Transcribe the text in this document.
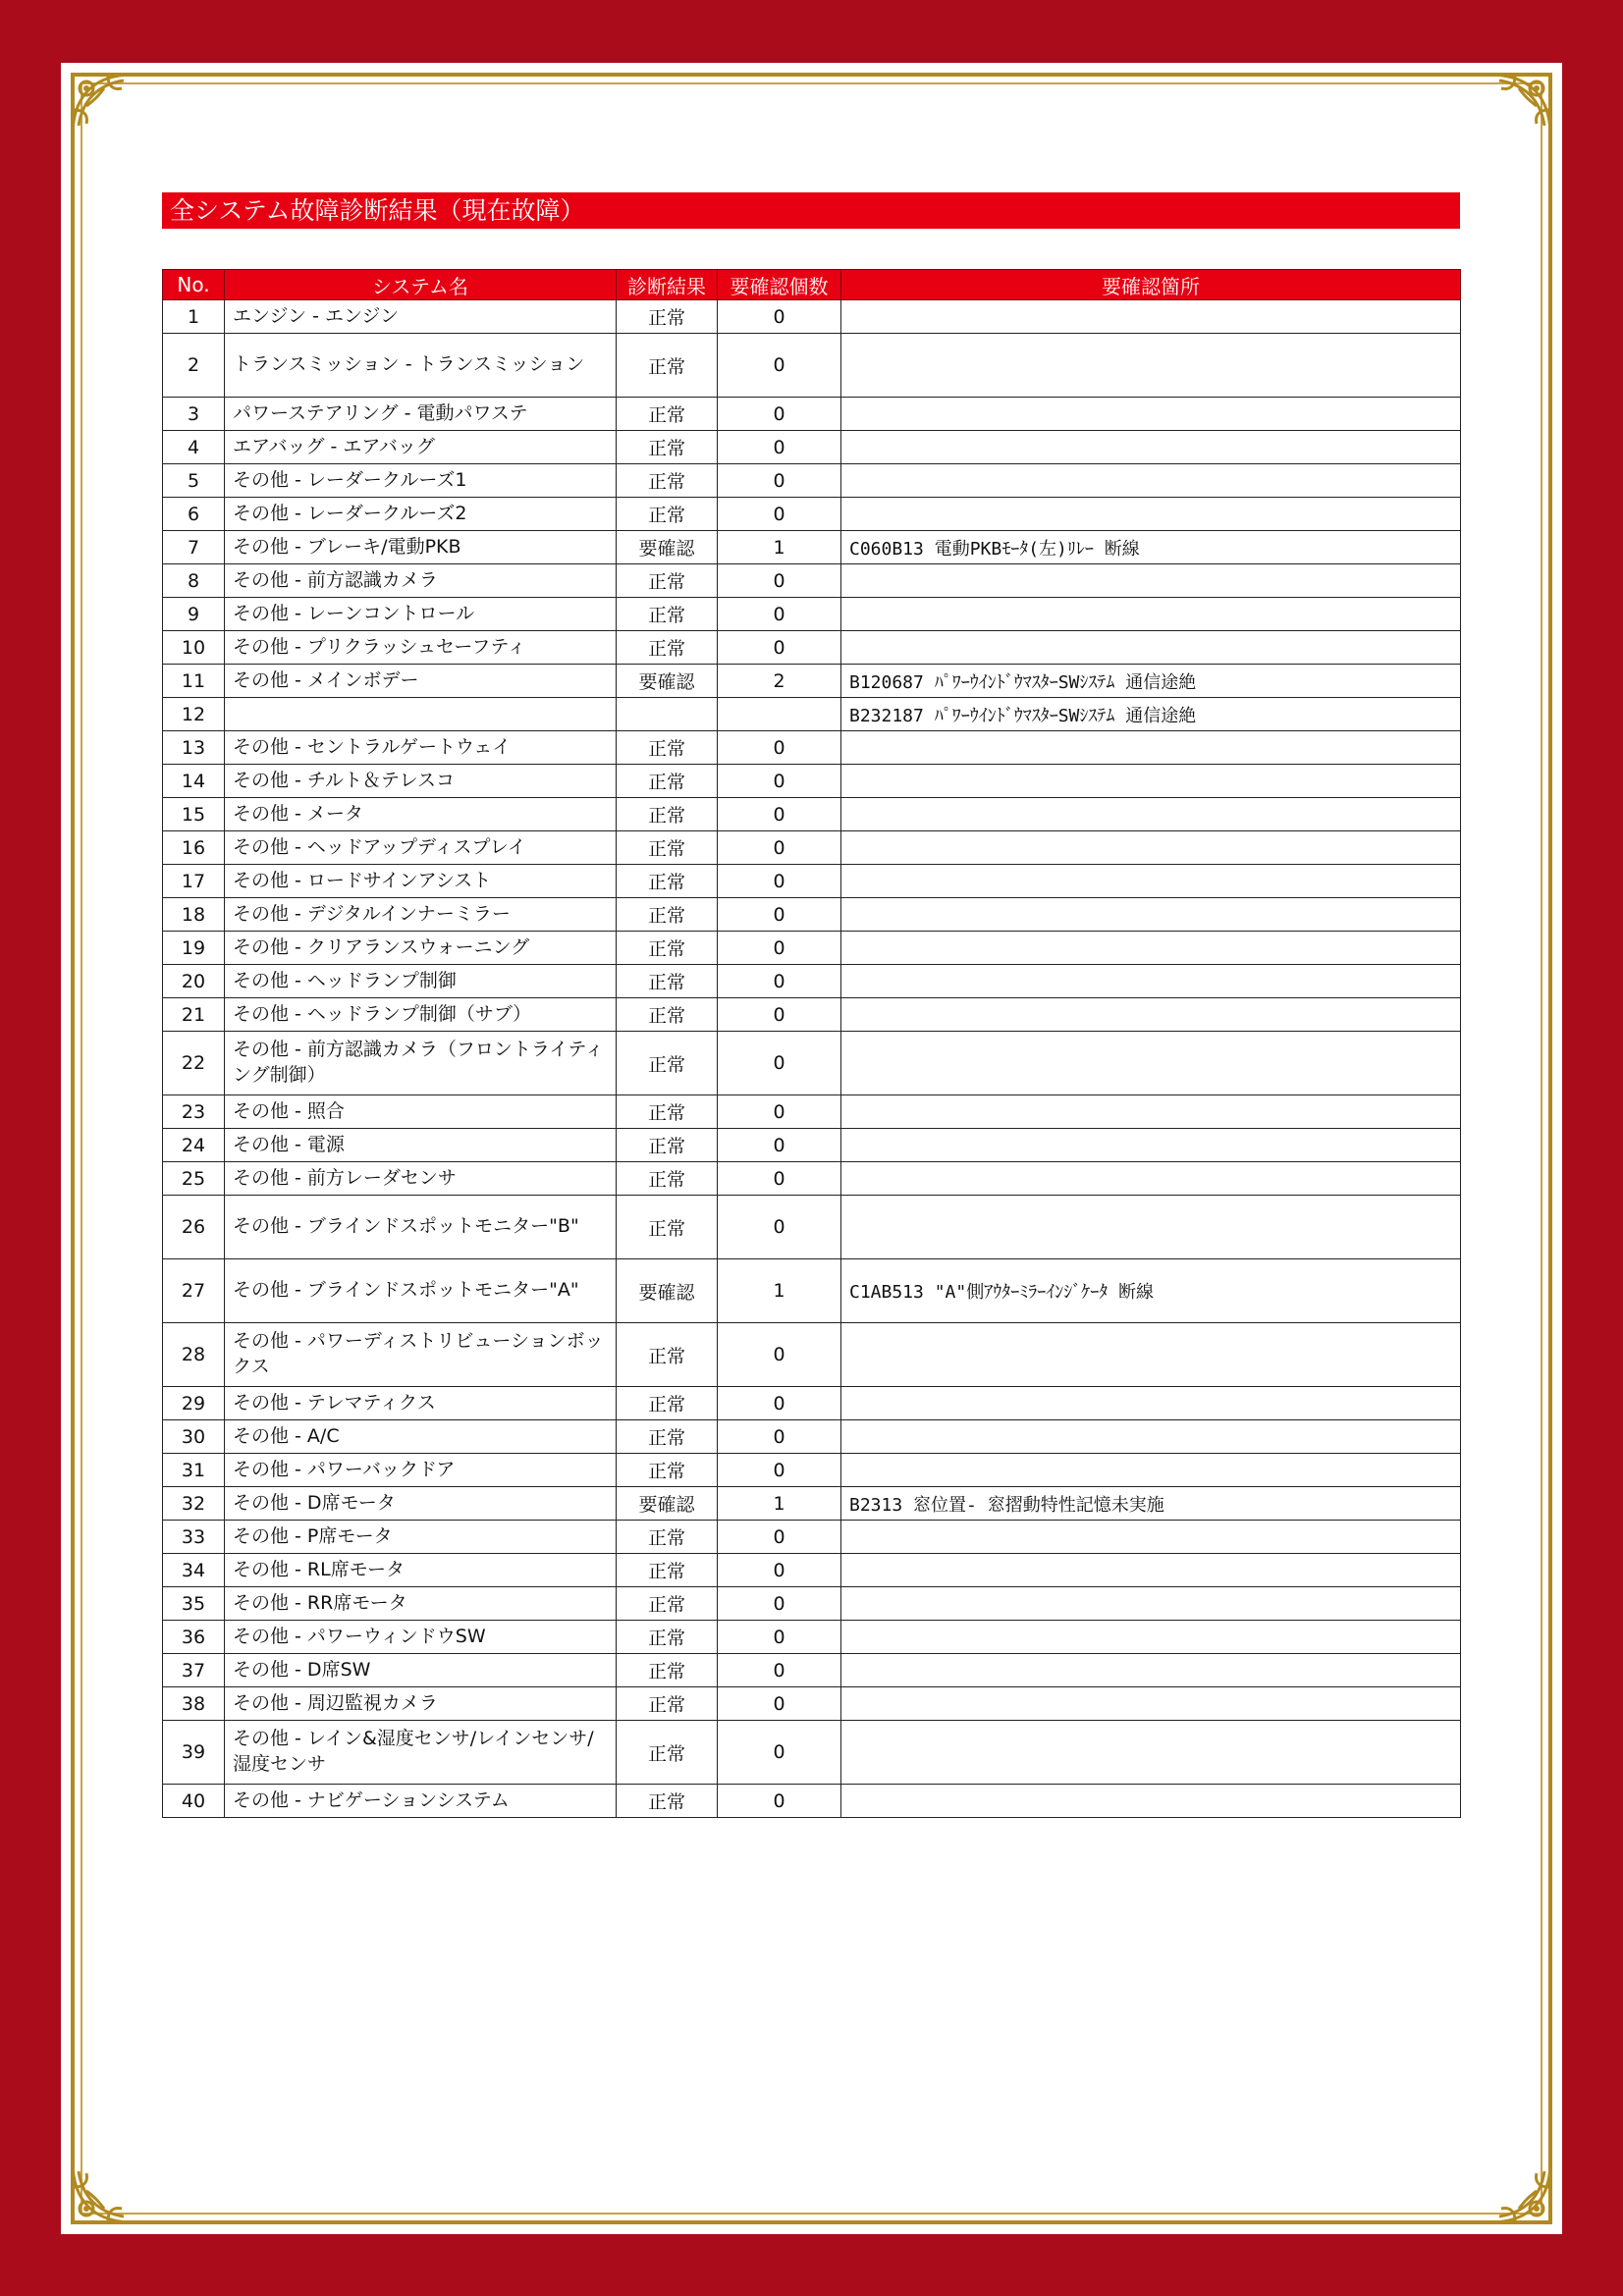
全システム故障診断結果（現在故障）
No.	システム名	診断結果	要確認個数	要確認箇所
1	エンジン - エンジン	正常	0	
2	トランスミッション - トランスミッション	正常	0	
3	パワーステアリング - 電動パワステ	正常	0	
4	エアバッグ - エアバッグ	正常	0	
5	その他 - レーダークルーズ1	正常	0	
6	その他 - レーダークルーズ2	正常	0	
7	その他 - ブレーキ/電動PKB	要確認	1	C060B13 電動PKBﾓｰﾀ(左)ﾘﾚｰ 断線
8	その他 - 前方認識カメラ	正常	0	
9	その他 - レーンコントロール	正常	0	
10	その他 - プリクラッシュセーフティ	正常	0	
11	その他 - メインボデー	要確認	2	B120687 ﾊﾟﾜｰｳｲﾝﾄﾞｳﾏｽﾀｰSWｼｽﾃﾑ 通信途絶
12				B232187 ﾊﾟﾜｰｳｲﾝﾄﾞｳﾏｽﾀｰSWｼｽﾃﾑ 通信途絶
13	その他 - セントラルゲートウェイ	正常	0	
14	その他 - チルト＆テレスコ	正常	0	
15	その他 - メータ	正常	0	
16	その他 - ヘッドアップディスプレイ	正常	0	
17	その他 - ロードサインアシスト	正常	0	
18	その他 - デジタルインナーミラー	正常	0	
19	その他 - クリアランスウォーニング	正常	0	
20	その他 - ヘッドランプ制御	正常	0	
21	その他 - ヘッドランプ制御（サブ）	正常	0	
22	その他 - 前方認識カメラ（フロントライティング制御）	正常	0	
23	その他 - 照合	正常	0	
24	その他 - 電源	正常	0	
25	その他 - 前方レーダセンサ	正常	0	
26	その他 - ブラインドスポットモニター"B"	正常	0	
27	その他 - ブラインドスポットモニター"A"	要確認	1	C1AB513 "A"側ｱｳﾀｰﾐﾗｰｲﾝｼﾞｹｰﾀ 断線
28	その他 - パワーディストリビューションボックス	正常	0	
29	その他 - テレマティクス	正常	0	
30	その他 - A/C	正常	0	
31	その他 - パワーバックドア	正常	0	
32	その他 - D席モータ	要確認	1	B2313 窓位置- 窓摺動特性記憶未実施
33	その他 - P席モータ	正常	0	
34	その他 - RL席モータ	正常	0	
35	その他 - RR席モータ	正常	0	
36	その他 - パワーウィンドウSW	正常	0	
37	その他 - D席SW	正常	0	
38	その他 - 周辺監視カメラ	正常	0	
39	その他 - レイン&湿度センサ/レインセンサ/湿度センサ	正常	0	
40	その他 - ナビゲーションシステム	正常	0	
